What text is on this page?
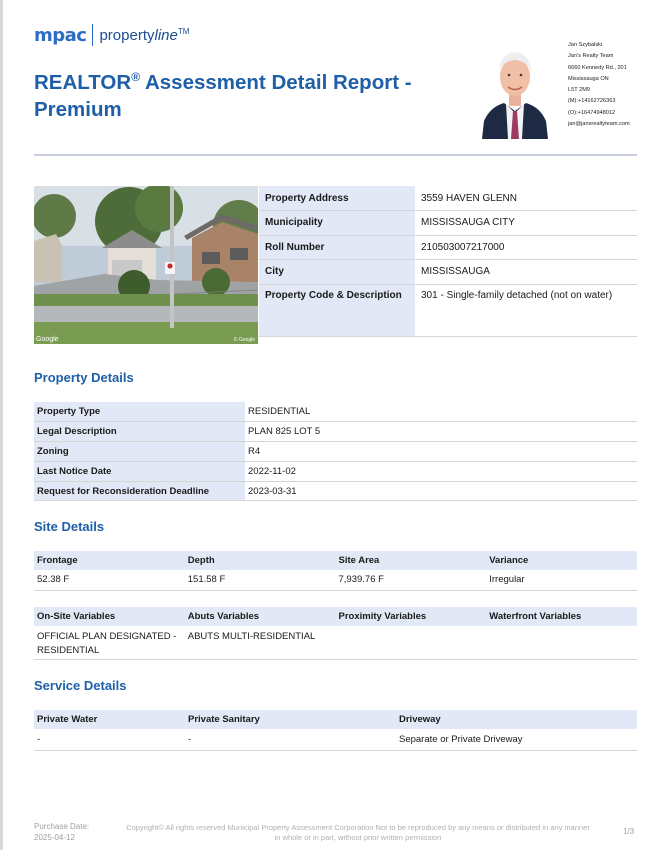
mpac propertyline™
REALTOR® Assessment Detail Report - Premium
Jan Szybalski
Jan's Realty Team
6660 Kennedy Rd., 201
Mississauga ON
L5T 2M9
(M):+14162726363
(O):+16474948012
jan@jansrealtyteam.com
Google	© Google
Property Address	3559 HAVEN GLENN
Municipality	MISSISSAUGA CITY
Roll Number	210503007217000
City	MISSISSAUGA
Property Code & Description	301 - Single-family detached (not on water)
Property Details
Property Type	RESIDENTIAL
Legal Description	PLAN 825 LOT 5
Zoning	R4
Last Notice Date	2022-11-02
Request for Reconsideration Deadline	2023-03-31
Site Details
Frontage	Depth	Site Area	Variance
52.38 F	151.58 F	7,939.76 F	Irregular
On-Site Variables	Abuts Variables	Proximity Variables	Waterfront Variables
OFFICIAL PLAN DESIGNATED - RESIDENTIAL	ABUTS MULTI-RESIDENTIAL		
Service Details
Private Water	Private Sanitary	Driveway
-	-	Separate or Private Driveway
Purchase Date:
2025-04-12
Copyright© All rights reserved Municipal Property Assessment Corporation Not to be reproduced by any means or distributed in any manner in whole or in part, without prior written permission
1/3
